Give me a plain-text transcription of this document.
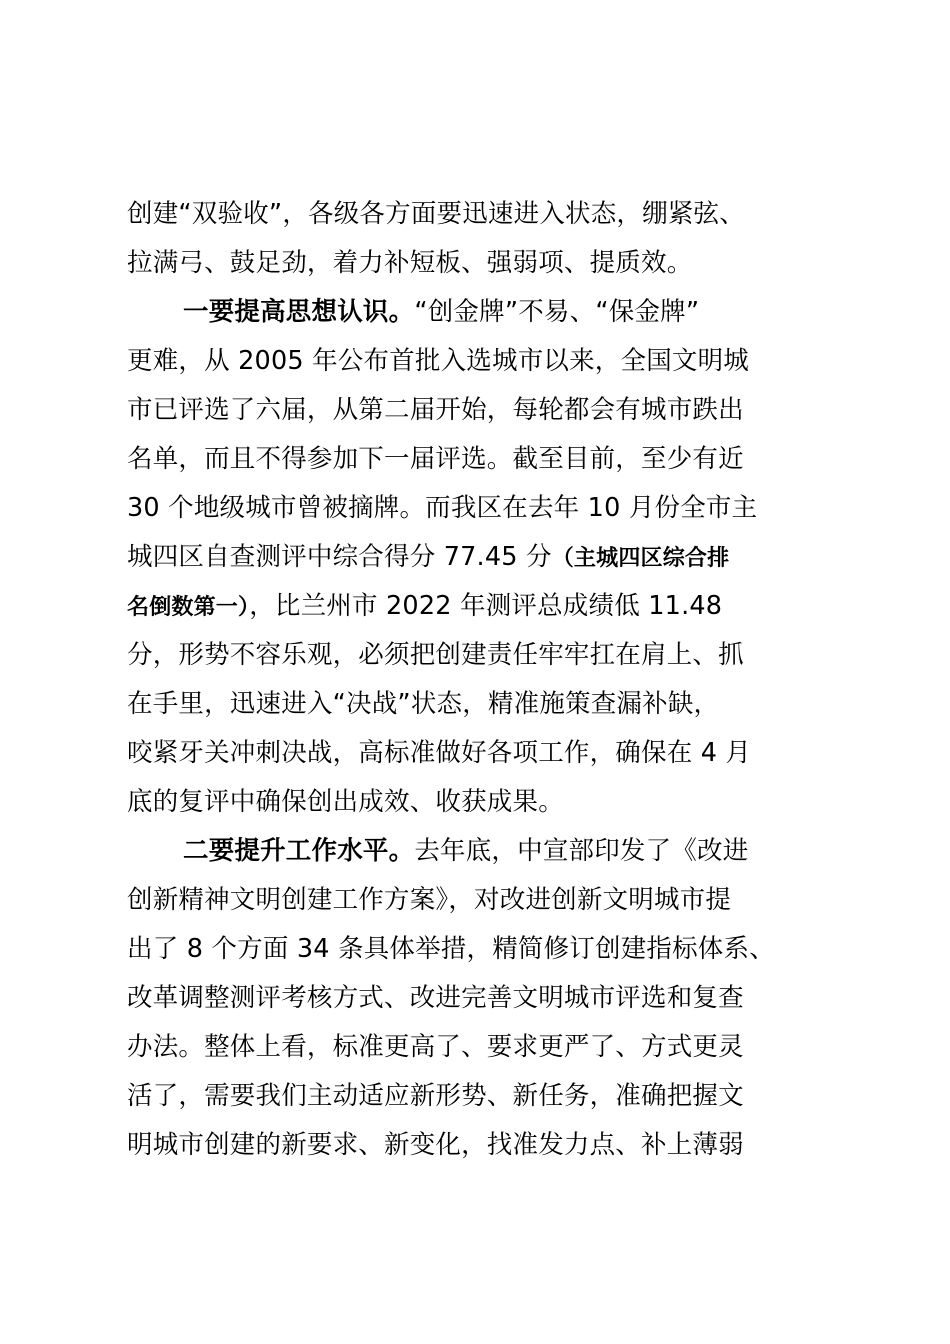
创建“双验收”，各级各方面要迅速进入状态，绷紧弦、
拉满弓、鼓足劲，着力补短板、强弱项、提质效。
一要提高思想认识。“创金牌”不易、“保金牌”
更难，从 2005 年公布首批入选城市以来，全国文明城
市已评选了六届，从第二届开始，每轮都会有城市跌出
名单，而且不得参加下一届评选。截至目前，至少有近
30 个地级城市曾被摘牌。而我区在去年 10 月份全市主
城四区自查测评中综合得分 77.45 分（主城四区综合排
名倒数第一），比兰州市 2022 年测评总成绩低 11.48
分，形势不容乐观，必须把创建责任牢牢扛在肩上、抓
在手里，迅速进入“决战”状态，精准施策查漏补缺，
咬紧牙关冲刺决战，高标准做好各项工作，确保在 4 月
底的复评中确保创出成效、收获成果。
二要提升工作水平。去年底，中宣部印发了《改进
创新精神文明创建工作方案》，对改进创新文明城市提
出了 8 个方面 34 条具体举措，精简修订创建指标体系、
改革调整测评考核方式、改进完善文明城市评选和复查
办法。整体上看，标准更高了、要求更严了、方式更灵
活了，需要我们主动适应新形势、新任务，准确把握文
明城市创建的新要求、新变化，找准发力点、补上薄弱
